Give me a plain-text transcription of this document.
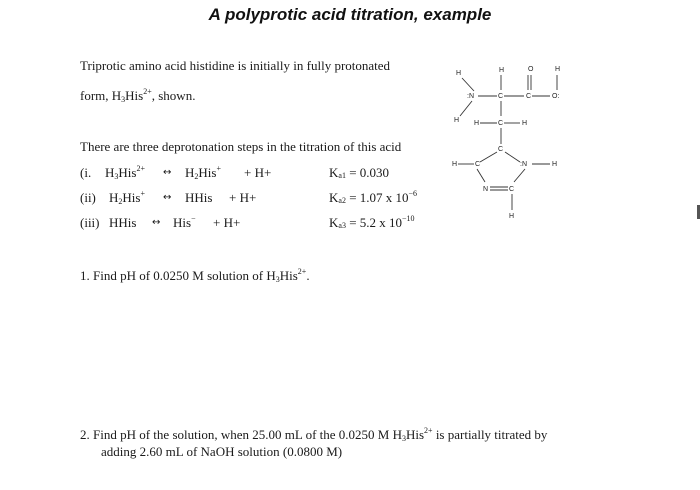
A polyprotic acid titration, example
Triprotic amino acid histidine is initially in fully protonated
form, $H_3His^{2+}$, shown.
There are three deprotonation steps in the titration of this acid
(i. $H_3His^{2+}$ ↔ $H_2His^+ + H+$	Ka1 = 0.030
(ii) $H_2His^+$ ↔ HHis + H+	Ka2 = 1.07 x $10^{-6}$
(iii) HHis ↔ His− + H+	Ka3 = 5.2 x $10^{-10}$
1. Find pH of 0.0250 M solution of $H_3His^{2+}$.
2. Find pH of the solution, when 25.00 mL of the 0.0250 M $H_3His^{2+}$ is partially titrated by
adding 2.60 mL of NaOH solution (0.0800 M)
H	H	O	H
:N	C	C	O:
H H	C	H
C
H	C	:N	H
N	C
H
